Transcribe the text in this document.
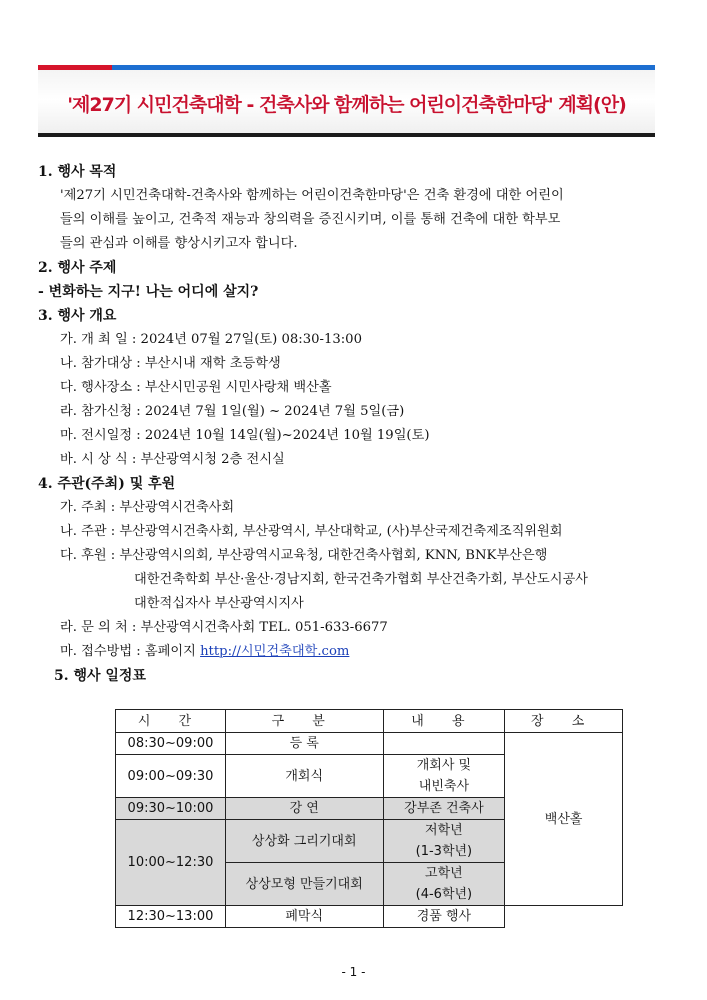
'제27기 시민건축대학 - 건축사와 함께하는 어린이건축한마당' 계획(안)
1. 행사 목적
'제27기 시민건축대학-건축사와 함께하는 어린이건축한마당'은 건축 환경에 대한 어린이
들의 이해를 높이고, 건축적 재능과 창의력을 증진시키며, 이를 통해 건축에 대한 학부모
들의 관심과 이해를 향상시키고자 합니다.
2. 행사 주제
- 변화하는 지구! 나는 어디에 살지?
3. 행사 개요
가. 개 최 일 : 2024년 07월 27일(토) 08:30-13:00
나. 참가대상 : 부산시내 재학 초등학생
다. 행사장소 : 부산시민공원 시민사랑채 백산홀
라. 참가신청 : 2024년 7월 1일(월) ~ 2024년 7월 5일(금)
마. 전시일정 : 2024년 10월 14일(월)~2024년 10월 19일(토)
바. 시 상 식 : 부산광역시청 2층 전시실
4. 주관(주최) 및 후원
가. 주최 : 부산광역시건축사회
나. 주관 : 부산광역시건축사회, 부산광역시, 부산대학교, (사)부산국제건축제조직위원회
다. 후원 : 부산광역시의회, 부산광역시교육청, 대한건축사협회, KNN, BNK부산은행
대한건축학회 부산·울산·경남지회, 한국건축가협회 부산건축가회, 부산도시공사
대한적십자사 부산광역시지사
라. 문 의 처 : 부산광역시건축사회 TEL. 051-633-6677
마. 접수방법 : 홈페이지 http://시민건축대학.com
5. 행사 일정표
시 간	구 분	내 용	장 소
08:30~09:00	등 록		백산홀
09:00~09:30	개회식	개회사 및	
		내빈축사	
09:30~10:00	강 연	강부존 건축사	
10:00~12:30	상상화 그리기대회	저학년	
		(1-3학년)	
	상상모형 만들기대회	고학년	
		(4-6학년)	
12:30~13:00	폐막식	경품 행사	
- 1 -
